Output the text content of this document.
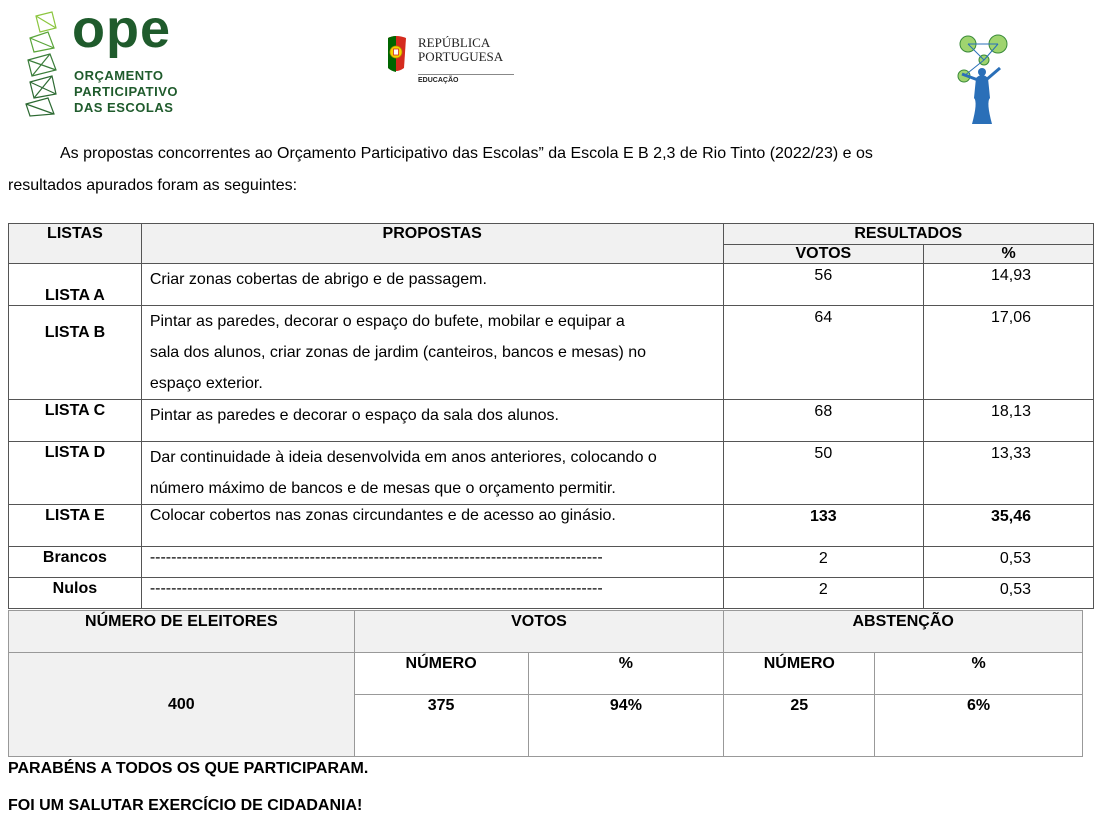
ope
ORÇAMENTO
PARTICIPATIVO
DAS ESCOLAS
REPÚBLICA
PORTUGUESA
EDUCAÇÃO
As propostas concorrentes ao Orçamento Participativo das Escolas” da Escola E B 2,3 de Rio Tinto (2022/23) e os
resultados apurados foram as seguintes:
LISTAS	PROPOSTAS	RESULTADOS	
		VOTOS	%
LISTA A	Criar zonas cobertas de abrigo e de passagem.	56	14,93
LISTA B	Pintar as paredes, decorar o espaço do bufete, mobilar e equipar a
sala dos alunos, criar zonas de jardim (canteiros, bancos e mesas) no
espaço exterior.	64	17,06
LISTA C	Pintar as paredes e decorar o espaço da sala dos alunos.	68	18,13
LISTA D	Dar continuidade à ideia desenvolvida em anos anteriores, colocando o
número máximo de bancos e de mesas que o orçamento permitir.	50	13,33
LISTA E	Colocar cobertos nas zonas circundantes e de acesso ao ginásio.	133	35,46
Brancos	-------------------------------------------------------------------------------------	2	0,53
Nulos	-------------------------------------------------------------------------------------	2	0,53
NÚMERO DE ELEITORES	VOTOS		ABSTENÇÃO	
400	NÚMERO	%	NÚMERO	%
	375	94%	25	6%
PARABÉNS A TODOS OS QUE PARTICIPARAM.
FOI UM SALUTAR EXERCÍCIO DE CIDADANIA!
